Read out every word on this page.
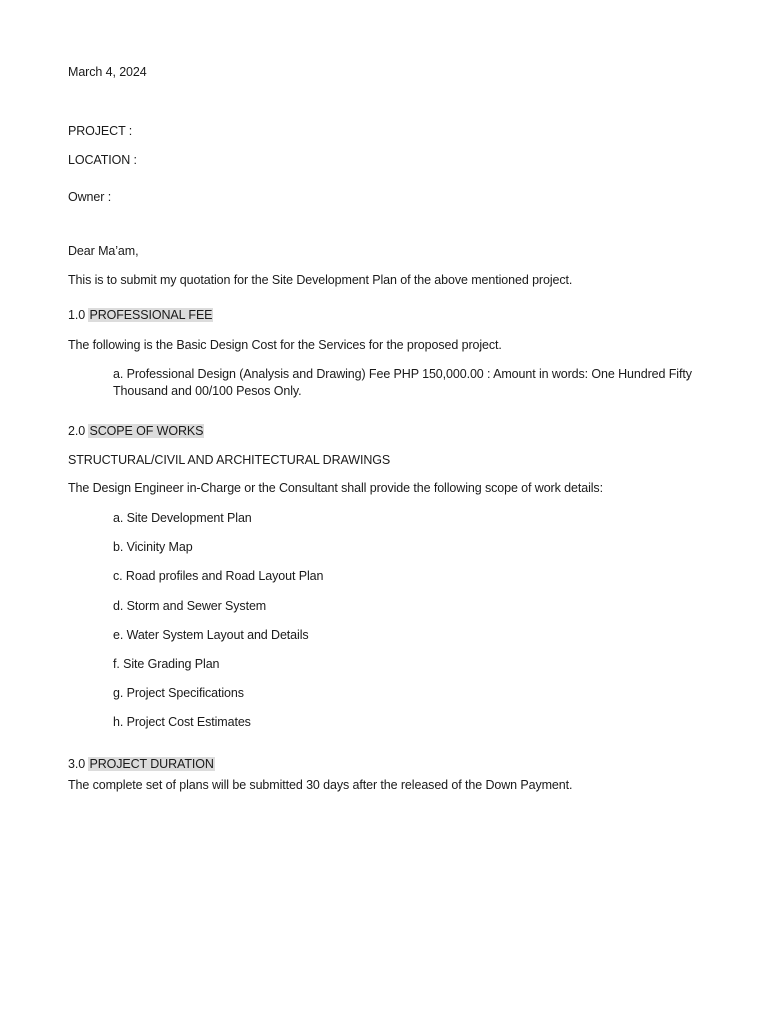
March 4, 2024
PROJECT :
LOCATION :
Owner :
Dear Ma’am,
This is to submit my quotation for the Site Development Plan of the above mentioned project.
1.0 PROFESSIONAL FEE
The following is the Basic Design Cost for the Services for the proposed project.
a. Professional Design (Analysis and Drawing) Fee PHP 150,000.00 : Amount in words: One Hundred Fifty
Thousand and 00/100 Pesos Only.
2.0 SCOPE OF WORKS
STRUCTURAL/CIVIL AND ARCHITECTURAL DRAWINGS
The Design Engineer in-Charge or the Consultant shall provide the following scope of work details:
a. Site Development Plan
b. Vicinity Map
c. Road profiles and Road Layout Plan
d. Storm and Sewer System
e. Water System Layout and Details
f. Site Grading Plan
g. Project Specifications
h. Project Cost Estimates
3.0 PROJECT DURATION
The complete set of plans will be submitted 30 days after the released of the Down Payment.
